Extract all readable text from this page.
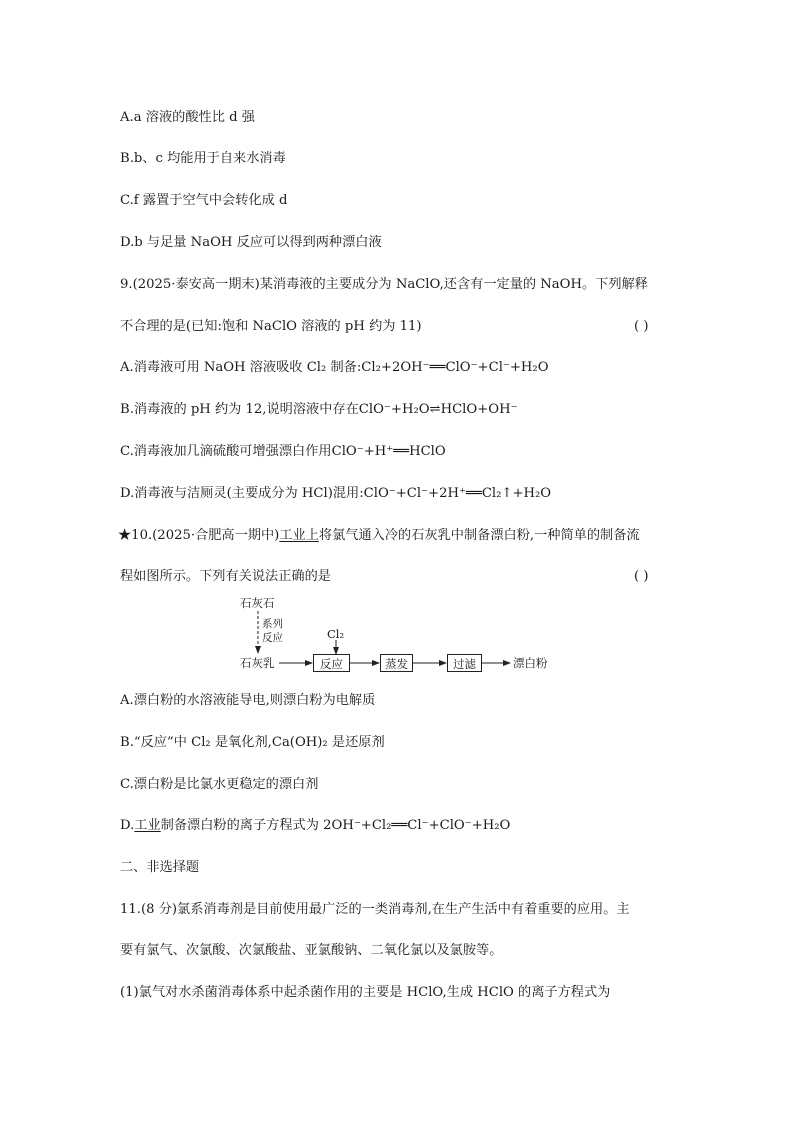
A.a 溶液的酸性比 d 强
B.b、c 均能用于自来水消毒
C.f 露置于空气中会转化成 d
D.b 与足量 NaOH 反应可以得到两种漂白液
9.(2025·泰安高一期末)某消毒液的主要成分为 NaClO,还含有一定量的 NaOH。下列解释
不合理的是(已知:饱和 NaClO 溶液的 pH 约为 11)	( )
A.消毒液可用 NaOH 溶液吸收 Cl₂ 制备:Cl₂+2OH⁻══ClO⁻+Cl⁻+H₂O
B.消毒液的 pH 约为 12,说明溶液中存在ClO⁻+H₂O⇌HClO+OH⁻
C.消毒液加几滴硫酸可增强漂白作用ClO⁻+H⁺══HClO
D.消毒液与洁厕灵(主要成分为 HCl)混用:ClO⁻+Cl⁻+2H⁺══Cl₂↑+H₂O
★10.(2025·合肥高一期中)工业上将氯气通入冷的石灰乳中制备漂白粉,一种简单的制备流
程如图所示。下列有关说法正确的是	( )
石灰石
系列
反应	Cl₂
石灰乳	反应	蒸发	过滤	漂白粉
A.漂白粉的水溶液能导电,则漂白粉为电解质
B.“反应”中 Cl₂ 是氧化剂,Ca(OH)₂ 是还原剂
C.漂白粉是比氯水更稳定的漂白剂
D.工业制备漂白粉的离子方程式为 2OH⁻+Cl₂══Cl⁻+ClO⁻+H₂O
二、非选择题
11.(8 分)氯系消毒剂是目前使用最广泛的一类消毒剂,在生产生活中有着重要的应用。主
要有氯气、次氯酸、次氯酸盐、亚氯酸钠、二氧化氯以及氯胺等。
(1)氯气对水杀菌消毒体系中起杀菌作用的主要是 HClO,生成 HClO 的离子方程式为
